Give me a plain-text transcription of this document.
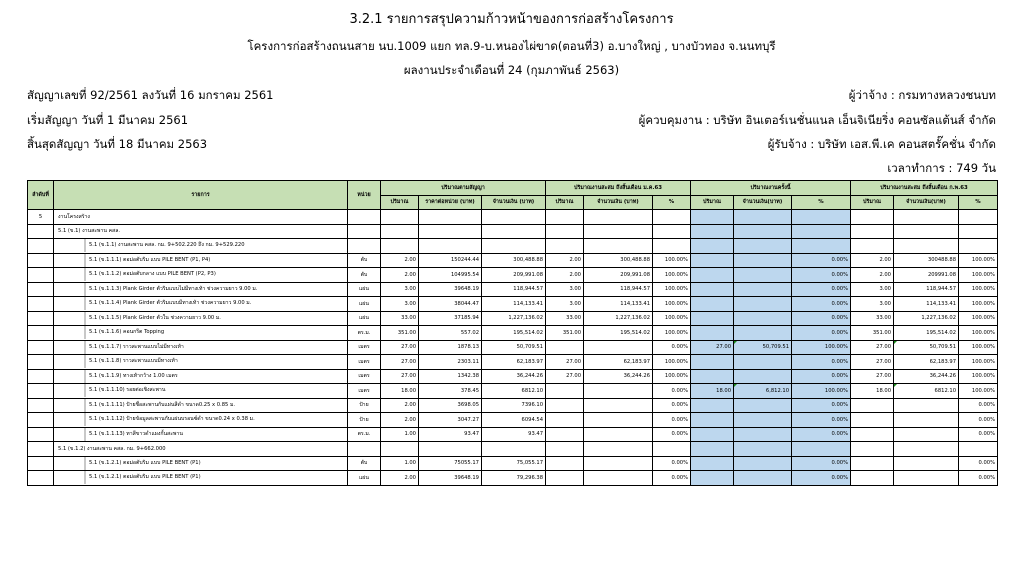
3.2.1 รายการสรุปความก้าวหน้าของการก่อสร้างโครงการ
โครงการก่อสร้างถนนสาย นบ.1009 แยก ทล.9-บ.หนองไผ่ขาด(ตอนที่3) อ.บางใหญ่ , บางบัวทอง จ.นนทบุรี
ผลงานประจำเดือนที่ 24 (กุมภาพันธ์ 2563)
สัญญาเลขที่ 92/2561 ลงวันที่ 16 มกราคม 2561
เริ่มสัญญา วันที่ 1 มีนาคม 2561
สิ้นสุดสัญญา วันที่ 18 มีนาคม 2563
ผู้ว่าจ้าง : กรมทางหลวงชนบท
ผู้ควบคุมงาน : บริษัท อินเตอร์เนชั่นแนล เอ็นจิเนียริ่ง คอนซัลแต้นส์ จำกัด
ผู้รับจ้าง : บริษัท เอส.พี.เค คอนสตรั๊คชั่น จำกัด
เวลาทำการ : 749 วัน
ลำดับที่	รายการ	หน่วย	ปริมาณตามสัญญา			ปริมาณงานสะสม ถึงสิ้นเดือน ม.ค.63			ปริมาณงานครั้งนี้			ปริมาณงานสะสม ถึงสิ้นเดือน ก.พ.63		
			ปริมาณ	ราคาต่อหน่วย (บาท)	จำนวนเงิน (บาท)	ปริมาณ	จำนวนเงิน (บาท)	%	ปริมาณ	จำนวนเงิน(บาท)	%	ปริมาณ	จำนวนเงิน(บาท)	%
5	งานโครงสร้าง													
	5.1 (ข.1) งานสะพาน คสล.													
	5.1 (ข.1.1) งานสะพาน คสล. กม. 9+502.220 ถึง กม. 9+529.220													
	5.1 (ข.1.1.1) ตอม่อตับริม แบบ PILE BENT (P1, P4)	ตับ	2.00	150244.44	300,488.88	2.00	300,488.88	100.00%			0.00%	2.00	300488.88	100.00%
	5.1 (ข.1.1.2) ตอม่อตับกลาง แบบ PILE BENT (P2, P3)	ตับ	2.00	104995.54	209,991.08	2.00	209,991.08	100.00%			0.00%	2.00	209991.08	100.00%
	5.1 (ข.1.1.3) Plank Girder ตัวริมแบบไม่มีทางเท้า ช่วงความยาว 9.00 ม.	แผ่น	3.00	39648.19	118,944.57	3.00	118,944.57	100.00%			0.00%	3.00	118,944.57	100.00%
	5.1 (ข.1.1.4) Plank Girder ตัวริมแบบมีทางเท้า ช่วงความยาว 9.00 ม.	แผ่น	3.00	38044.47	114,133.41	3.00	114,133.41	100.00%			0.00%	3.00	114,133.41	100.00%
	5.1 (ข.1.1.5) Plank Girder ตัวใน ช่วงความยาว 9.00 ม.	แผ่น	33.00	37185.94	1,227,136.02	33.00	1,227,136.02	100.00%			0.00%	33.00	1,227,136.02	100.00%
	5.1 (ข.1.1.6) คอนกรีต Topping	ตร.ม.	351.00	557.02	195,514.02	351.00	195,514.02	100.00%			0.00%	351.00	195,514.02	100.00%
	5.1 (ข.1.1.7) ราวสะพานแบบไม่มีทางเท้า	เมตร	27.00	1878.13	50,709.51			0.00%	27.00	50,709.51	100.00%	27.00	50,709.51	100.00%
	5.1 (ข.1.1.8) ราวสะพานแบบมีทางเท้า	เมตร	27.00	2303.11	62,183.97	27.00	62,183.97	100.00%			0.00%	27.00	62,183.97	100.00%
	5.1 (ข.1.1.9) ทางเท้ากว้าง 1.00 เมตร	เมตร	27.00	1342.38	36,244.26	27.00	36,244.26	100.00%			0.00%	27.00	36,244.26	100.00%
	5.1 (ข.1.1.10) รอยต่อเชิงสะพาน	เมตร	18.00	378.45	6812.10			0.00%	18.00	6,812.10	100.00%	18.00	6812.10	100.00%
	5.1 (ข.1.1.11) ป้ายชื่อสะพานกับแผ่นสีดำ ขนาด0.25 x 0.85 ม.	ป้าย	2.00	3698.05	7396.10			0.00%			0.00%			0.00%
	5.1 (ข.1.1.12) ป้ายข้อมูลสะพานกับแผ่นบรอนซ์ดำ ขนาด0.24 x 0.38 ม.	ป้าย	2.00	3047.27	6094.54			0.00%			0.00%			0.00%
	5.1 (ข.1.1.13) ทาสีขาวดำแผงกั้นสะพาน	ตร.ม.	1.00	93.47	93.47			0.00%			0.00%			0.00%
	5.1 (ข.1.2) งานสะพาน คสล. กม. 9+662.000													
	5.1 (ข.1.2.1) ตอม่อตับริม แบบ PILE BENT (P1)	ตับ	1.00	75055.17	75,055.17			0.00%			0.00%			0.00%
	5.1 (ข.1.2.1) ตอม่อตับริม แบบ PILE BENT (P1)	แผ่น	2.00	39648.19	79,296.38			0.00%			0.00%			0.00%
